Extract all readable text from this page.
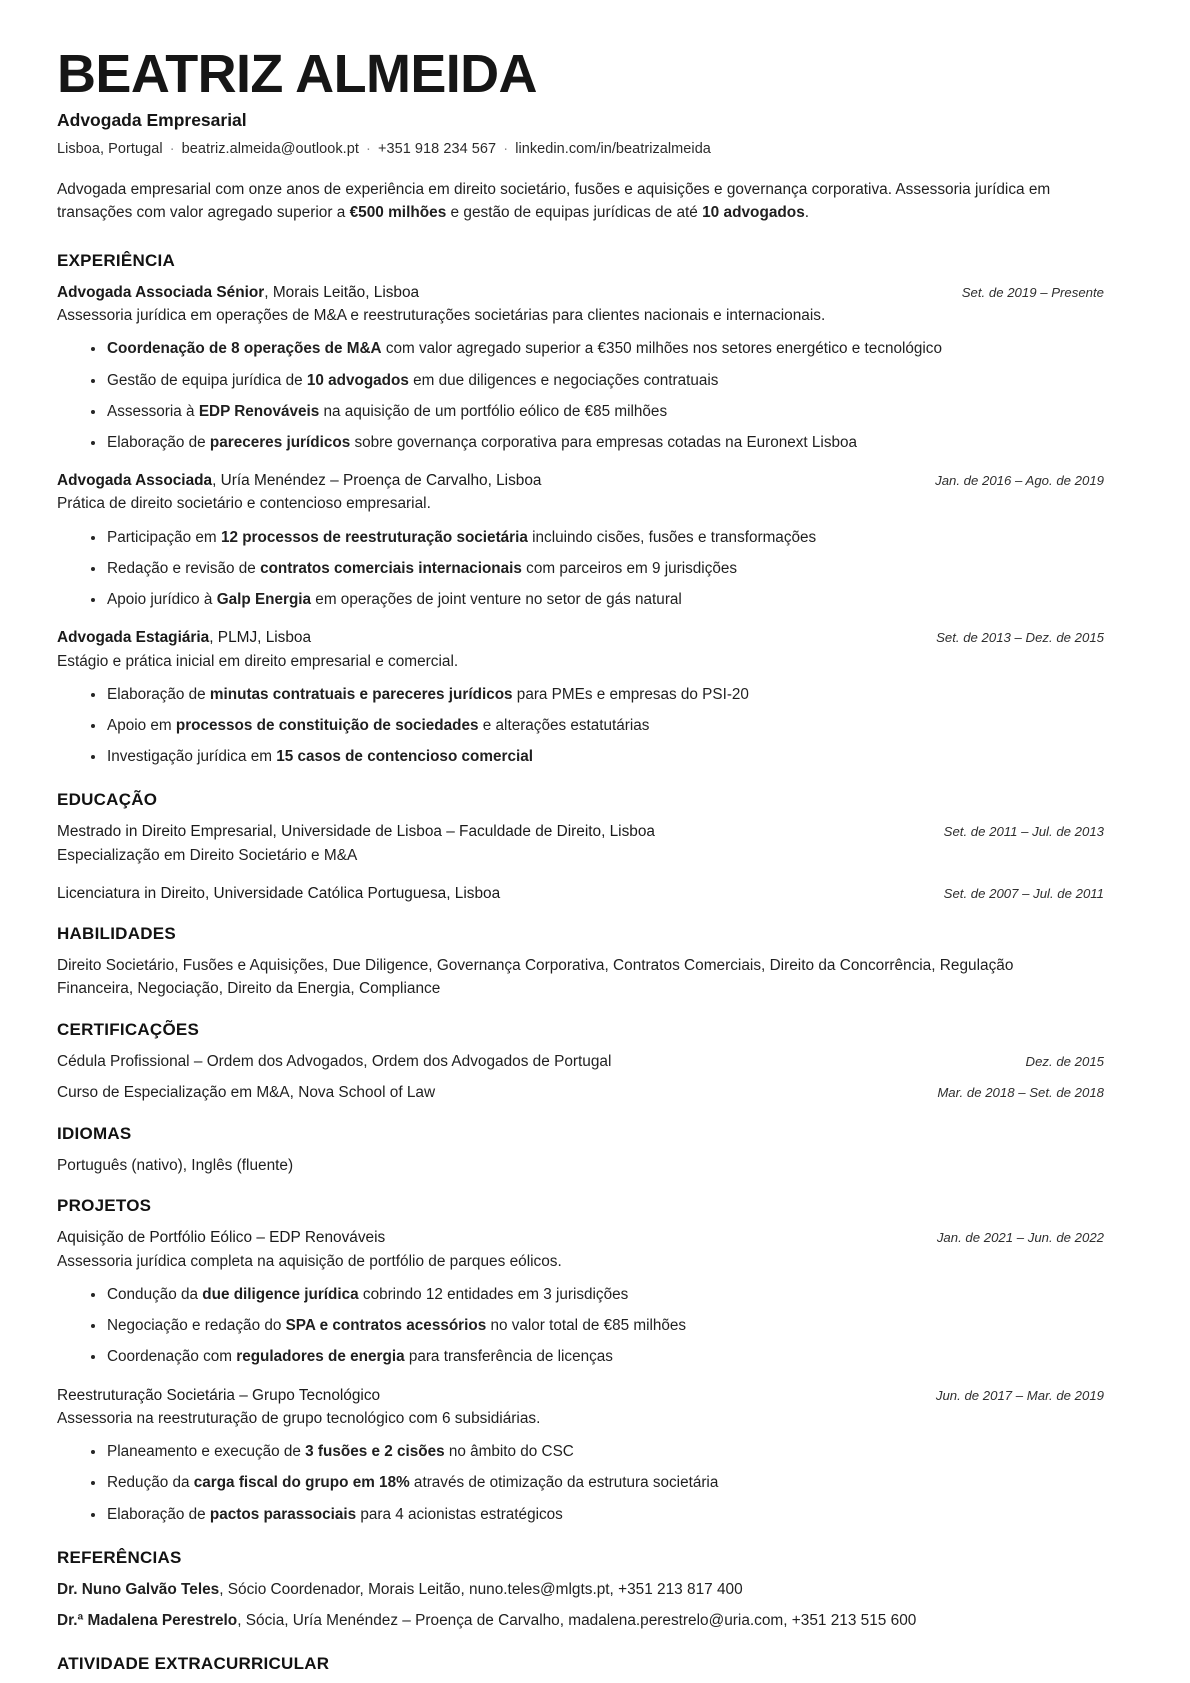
BEATRIZ ALMEIDA
Advogada Empresarial
Lisboa, Portugal · beatriz.almeida@outlook.pt · +351 918 234 567 · linkedin.com/in/beatrizalmeida

Advogada empresarial com onze anos de experiência em direito societário, fusões e aquisições e governança corporativa. Assessoria jurídica em transações com valor agregado superior a €500 milhões e gestão de equipas jurídicas de até 10 advogados.

EXPERIÊNCIA
Advogada Associada Sénior, Morais Leitão, Lisboa	Set. de 2019 – Presente
Assessoria jurídica em operações de M&A e reestruturações societárias para clientes nacionais e internacionais.
Coordenação de 8 operações de M&A com valor agregado superior a €350 milhões nos setores energético e tecnológico
Gestão de equipa jurídica de 10 advogados em due diligences e negociações contratuais
Assessoria à EDP Renováveis na aquisição de um portfólio eólico de €85 milhões
Elaboração de pareceres jurídicos sobre governança corporativa para empresas cotadas na Euronext Lisboa
Advogada Associada, Uría Menéndez – Proença de Carvalho, Lisboa	Jan. de 2016 – Ago. de 2019
Prática de direito societário e contencioso empresarial.
Participação em 12 processos de reestruturação societária incluindo cisões, fusões e transformações
Redação e revisão de contratos comerciais internacionais com parceiros em 9 jurisdições
Apoio jurídico à Galp Energia em operações de joint venture no setor de gás natural
Advogada Estagiária, PLMJ, Lisboa	Set. de 2013 – Dez. de 2015
Estágio e prática inicial em direito empresarial e comercial.
Elaboração de minutas contratuais e pareceres jurídicos para PMEs e empresas do PSI-20
Apoio em processos de constituição de sociedades e alterações estatutárias
Investigação jurídica em 15 casos de contencioso comercial
EDUCAÇÃO
Mestrado in Direito Empresarial, Universidade de Lisboa – Faculdade de Direito, Lisboa	Set. de 2011 – Jul. de 2013
Especialização em Direito Societário e M&A
Licenciatura in Direito, Universidade Católica Portuguesa, Lisboa	Set. de 2007 – Jul. de 2011
HABILIDADES

Direito Societário, Fusões e Aquisições, Due Diligence, Governança Corporativa, Contratos Comerciais, Direito da Concorrência, Regulação Financeira, Negociação, Direito da Energia, Compliance

CERTIFICAÇÕES
Cédula Profissional – Ordem dos Advogados, Ordem dos Advogados de Portugal	Dez. de 2015
Curso de Especialização em M&A, Nova School of Law	Mar. de 2018 – Set. de 2018
IDIOMAS

Português (nativo), Inglês (fluente)

PROJETOS
Aquisição de Portfólio Eólico – EDP Renováveis	Jan. de 2021 – Jun. de 2022
Assessoria jurídica completa na aquisição de portfólio de parques eólicos.
Condução da due diligence jurídica cobrindo 12 entidades em 3 jurisdições
Negociação e redação do SPA e contratos acessórios no valor total de €85 milhões
Coordenação com reguladores de energia para transferência de licenças
Reestruturação Societária – Grupo Tecnológico	Jun. de 2017 – Mar. de 2019
Assessoria na reestruturação de grupo tecnológico com 6 subsidiárias.
Planeamento e execução de 3 fusões e 2 cisões no âmbito do CSC
Redução da carga fiscal do grupo em 18% através de otimização da estrutura societária
Elaboração de pactos parassociais para 4 acionistas estratégicos
REFERÊNCIAS
Dr. Nuno Galvão Teles, Sócio Coordenador, Morais Leitão, nuno.teles@mlgts.pt, +351 213 817 400
Dr.ª Madalena Perestrelo, Sócia, Uría Menéndez – Proença de Carvalho, madalena.perestrelo@uria.com, +351 213 515 600
ATIVIDADE EXTRACURRICULAR
